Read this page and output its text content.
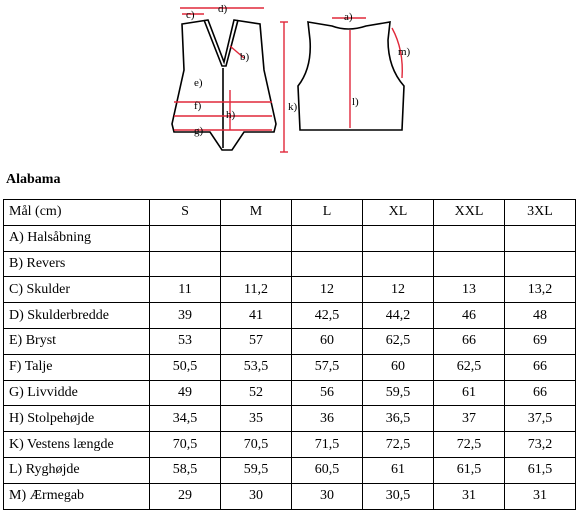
c) d)
b)
e)
f)
g)
h)
k)
a)
m)
l)
Alabama
Mål (cm)	S	M	L	XL	XXL	3XL
A) Halsåbning						
B) Revers						
C) Skulder	11	11,2	12	12	13	13,2
D) Skulderbredde	39	41	42,5	44,2	46	48
E) Bryst	53	57	60	62,5	66	69
F) Talje	50,5	53,5	57,5	60	62,5	66
G) Livvidde	49	52	56	59,5	61	66
H) Stolpehøjde	34,5	35	36	36,5	37	37,5
K) Vestens længde	70,5	70,5	71,5	72,5	72,5	73,2
L) Ryghøjde	58,5	59,5	60,5	61	61,5	61,5
M) Ærmegab	29	30	30	30,5	31	31
